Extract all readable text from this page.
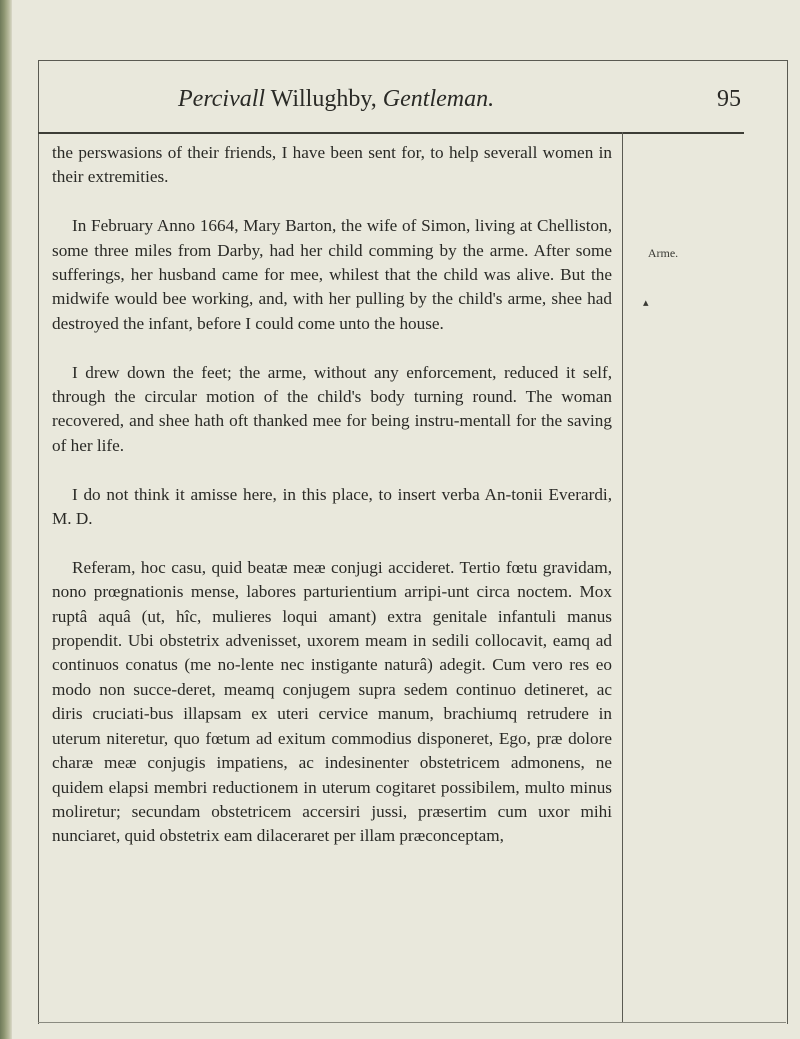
Percivall Willughby, Gentleman.	95

the perswasions of their friends, I have been sent for, to help severall women in their extremities.

In February Anno 1664, Mary Barton, the wife of Simon, living at Chelliston, some three miles from Darby, had her child comming by the arme. After some sufferings, her husband came for mee, whilest that the child was alive. But the midwife would bee working, and, with her pulling by the child's arme, shee had destroyed the infant, before I could come unto the house.

I drew down the feet; the arme, without any enforcement, reduced it self, through the circular motion of the child's body turning round. The woman recovered, and shee hath oft thanked mee for being instru-mentall for the saving of her life.

I do not think it amisse here, in this place, to insert verba An-tonii Everardi, M. D.

Referam, hoc casu, quid beatæ meæ conjugi accideret. Tertio fœtu gravidam, nono prœgnationis mense, labores parturientium arripi-unt circa noctem. Mox ruptâ aquâ (ut, hîc, mulieres loqui amant) extra genitale infantuli manus propendit. Ubi obstetrix advenisset, uxorem meam in sedili collocavit, eamq ad continuos conatus (me no-lente nec instigante naturâ) adegit. Cum vero res eo modo non succe-deret, meamq conjugem supra sedem continuo detineret, ac diris cruciati-bus illapsam ex uteri cervice manum, brachiumq retrudere in uterum niteretur, quo fœtum ad exitum commodius disponeret, Ego, præ dolore charæ meæ conjugis impatiens, ac indesinenter obstetricem admonens, ne quidem elapsi membri reductionem in uterum cogitaret possibilem, multo minus moliretur; secundam obstetricem accersiri jussi, præsertim cum uxor mihi nunciaret, quid obstetrix eam dilaceraret per illam præconceptam,

Arme.
▴
